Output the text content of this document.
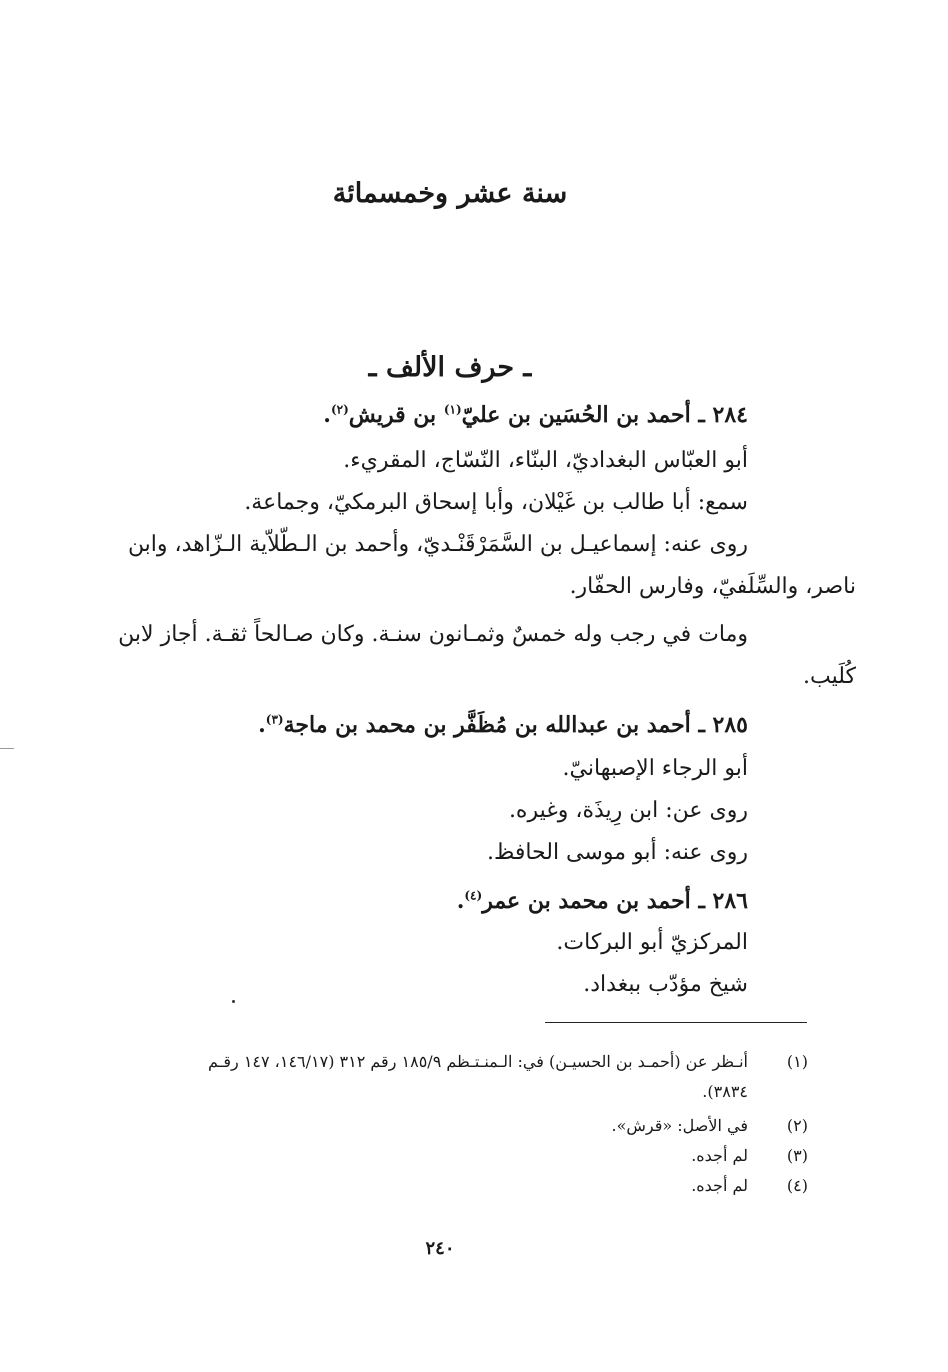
سنة عشر وخمسمائة
ـ حرف الألف ـ
٢٨٤ ـ أحمد بن الحُسَين بن عليّ$^{(١)}$ بن قريش$^{(٢)}$.
أبو العبّاس البغداديّ، البنّاء، النّسّاج، المقريء.
سمع: أبا طالب بن غَيْلان، وأبا إسحاق البرمكيّ، وجماعة.
روى عنه: إسماعيـل بن السَّمَرْقَنْـديّ، وأحمد بن الـطّلاّية الـزّاهد، وابن
ناصر، والسِّلَفيّ، وفارس الحفّار.
ومات في رجب وله خمسٌ وثمـانون سنـة. وكان صـالحاً ثقـة. أجاز لابن
كُلَيب.
٢٨٥ ـ أحمد بن عبدالله بن مُظَفَّر بن محمد بن ماجة$^{(٣)}$.
أبو الرجاء الإصبهانيّ.
روى عن: ابن رِيذَة، وغيره.
روى عنه: أبو موسى الحافظ.
٢٨٦ ـ أحمد بن محمد بن عمر$^{(٤)}$.
المركزيّ أبو البركات.
شيخ مؤدّب ببغداد.
(١)
أنـظر عن (أحمـد بن الحسيـن) في: الـمنـتـظم ١٨٥/٩ رقم ٣١٢ (١٤٦/١٧، ١٤٧ رقـم
٣٨٣٤).
(٢)
في الأصل: «قرش».
(٣)
لم أجده.
(٤)
لم أجده.
٢٤٠
